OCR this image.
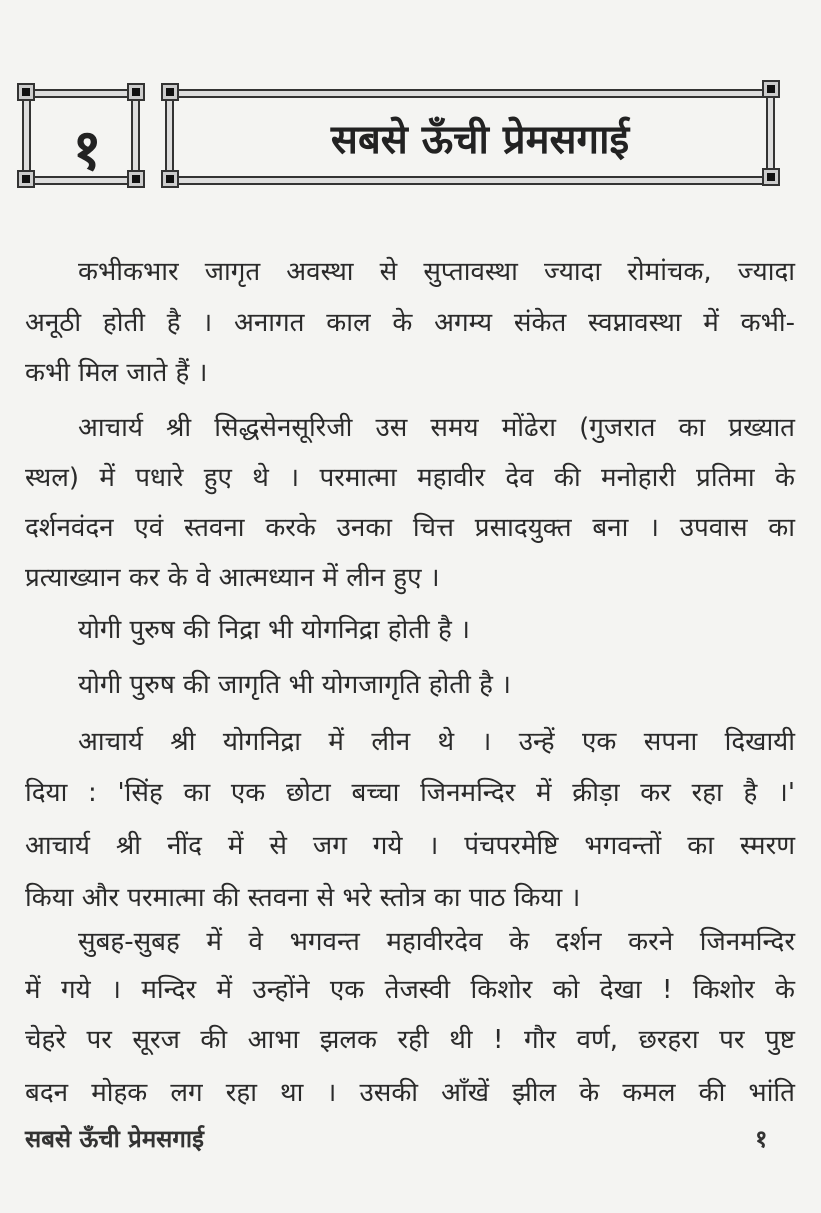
१	सबसे ऊँची प्रेमसगाई
कभीकभार जागृत अवस्था से सुप्तावस्था ज्यादा रोमांचक, ज्यादा
अनूठी होती है । अनागत काल के अगम्य संकेत स्वप्नावस्था में कभी-
कभी मिल जाते हैं ।
आचार्य श्री सिद्धसेनसूरिजी उस समय मोंढेरा (गुजरात का प्रख्यात
स्थल) में पधारे हुए थे । परमात्मा महावीर देव की मनोहारी प्रतिमा के
दर्शनवंदन एवं स्तवना करके उनका चित्त प्रसादयुक्त बना । उपवास का
प्रत्याख्यान कर के वे आत्मध्यान में लीन हुए ।
योगी पुरुष की निद्रा भी योगनिद्रा होती है ।
योगी पुरुष की जागृति भी योगजागृति होती है ।
आचार्य श्री योगनिद्रा में लीन थे । उन्हें एक सपना दिखायी
दिया : 'सिंह का एक छोटा बच्चा जिनमन्दिर में क्रीड़ा कर रहा है ।'
आचार्य श्री नींद में से जग गये । पंचपरमेष्टि भगवन्तों का स्मरण
किया और परमात्मा की स्तवना से भरे स्तोत्र का पाठ किया ।
सुबह-सुबह में वे भगवन्त महावीरदेव के दर्शन करने जिनमन्दिर
में गये । मन्दिर में उन्होंने एक तेजस्वी किशोर को देखा ! किशोर के
चेहरे पर सूरज की आभा झलक रही थी ! गौर वर्ण, छरहरा पर पुष्ट
बदन मोहक लग रहा था । उसकी आँखें झील के कमल की भांति
सबसे ऊँची प्रेमसगाई	१
